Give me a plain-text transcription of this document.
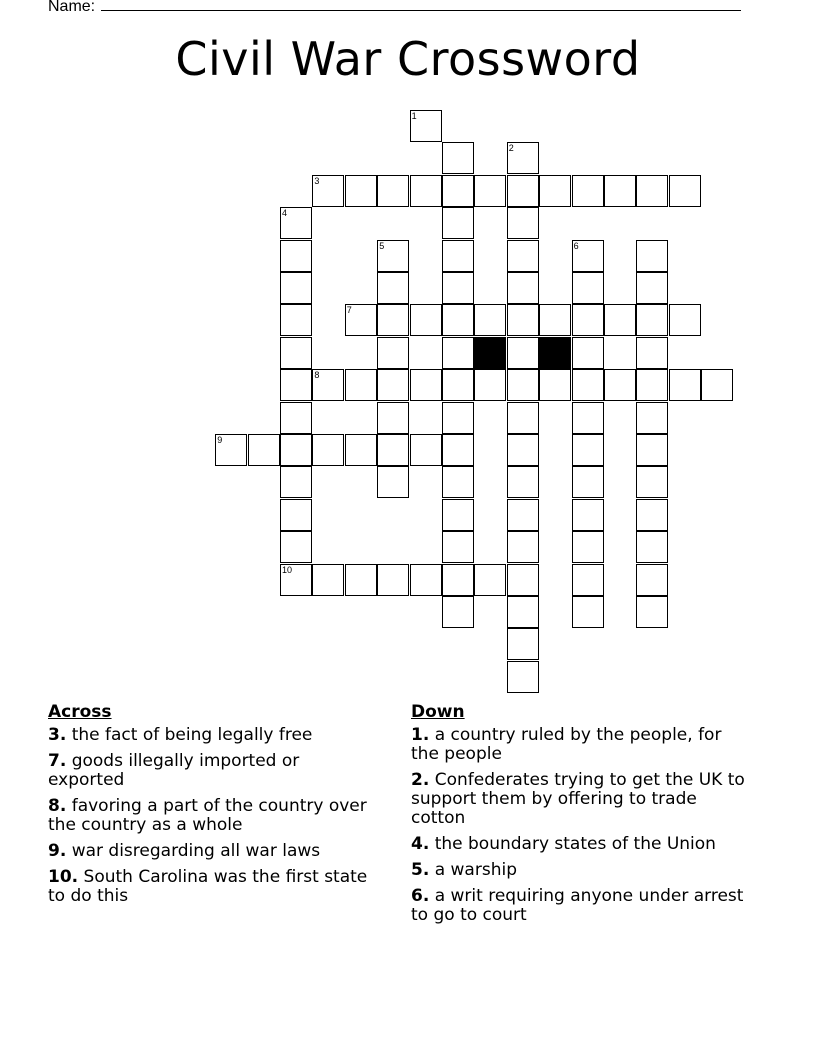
Name:
Civil War Crossword
1
2
3
4
5	6
7
8
9
10
Across
3. the fact of being legally free
7. goods illegally imported or exported
8. favoring a part of the country over the country as a whole
9. war disregarding all war laws
10. South Carolina was the first state to do this
Down
1. a country ruled by the people, for the people
2. Confederates trying to get the UK to support them by offering to trade cotton
4. the boundary states of the Union
5. a warship
6. a writ requiring anyone under arrest to go to court
